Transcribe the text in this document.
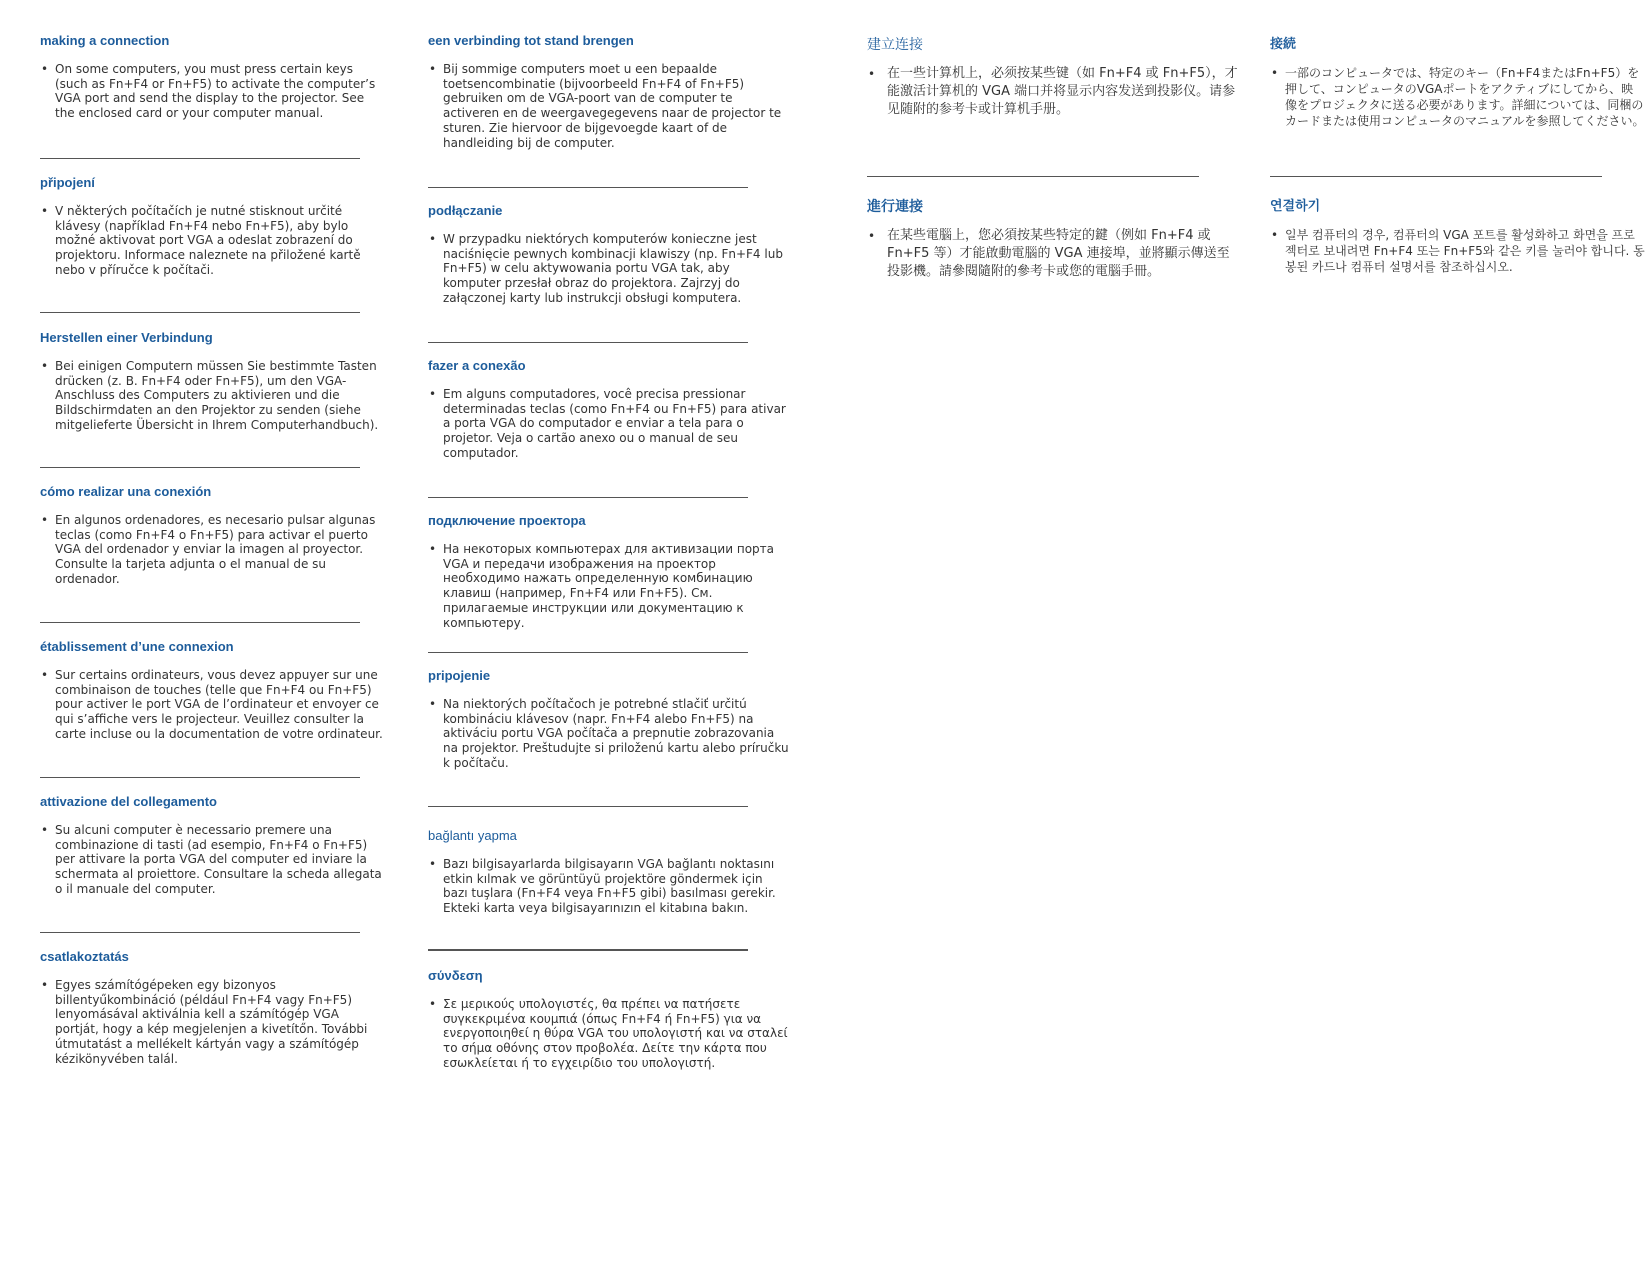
making a connection
• On some computers, you must press certain keys (such as Fn+F4 or Fn+F5) to activate the computer’s VGA port and send the display to the projector. See the enclosed card or your computer manual.
připojení
• V některých počítačích je nutné stisknout určité klávesy (například Fn+F4 nebo Fn+F5), aby bylo možné aktivovat port VGA a odeslat zobrazení do projektoru. Informace naleznete na přiložené kartě nebo v příručce k počítači.
Herstellen einer Verbindung
• Bei einigen Computern müssen Sie bestimmte Tasten drücken (z. B. Fn+F4 oder Fn+F5), um den VGA-Anschluss des Computers zu aktivieren und die Bildschirmdaten an den Projektor zu senden (siehe mitgelieferte Übersicht in Ihrem Computerhandbuch).
cómo realizar una conexión
• En algunos ordenadores, es necesario pulsar algunas teclas (como Fn+F4 o Fn+F5) para activar el puerto VGA del ordenador y enviar la imagen al proyector. Consulte la tarjeta adjunta o el manual de su ordenador.
établissement d’une connexion
• Sur certains ordinateurs, vous devez appuyer sur une combinaison de touches (telle que Fn+F4 ou Fn+F5) pour activer le port VGA de l’ordinateur et envoyer ce qui s’affiche vers le projecteur. Veuillez consulter la carte incluse ou la documentation de votre ordinateur.
attivazione del collegamento
• Su alcuni computer è necessario premere una combinazione di tasti (ad esempio, Fn+F4 o Fn+F5) per attivare la porta VGA del computer ed inviare la schermata al proiettore. Consultare la scheda allegata o il manuale del computer.
csatlakoztatás
• Egyes számítógépeken egy bizonyos billentyűkombináció (például Fn+F4 vagy Fn+F5) lenyomásával aktiválnia kell a számítógép VGA portját, hogy a kép megjelenjen a kivetítőn. További útmutatást a mellékelt kártyán vagy a számítógép kézikönyvében talál.
een verbinding tot stand brengen
• Bij sommige computers moet u een bepaalde toetsencombinatie (bijvoorbeeld Fn+F4 of Fn+F5) gebruiken om de VGA-poort van de computer te activeren en de weergavegegevens naar de projector te sturen. Zie hiervoor de bijgevoegde kaart of de handleiding bij de computer.
podłączanie
• W przypadku niektórych komputerów konieczne jest naciśnięcie pewnych kombinacji klawiszy (np. Fn+F4 lub Fn+F5) w celu aktywowania portu VGA tak, aby komputer przesłał obraz do projektora. Zajrzyj do załączonej karty lub instrukcji obsługi komputera.
fazer a conexão
• Em alguns computadores, você precisa pressionar determinadas teclas (como Fn+F4 ou Fn+F5) para ativar a porta VGA do computador e enviar a tela para o projetor. Veja o cartão anexo ou o manual de seu computador.
подключение проектора
• На некоторых компьютерах для активизации порта VGA и передачи изображения на проектор необходимо нажать определенную комбинацию клавиш (например, Fn+F4 или Fn+F5). См. прилагаемые инструкции или документацию к компьютеру.
pripojenie
• Na niektorých počítačoch je potrebné stlačiť určitú kombináciu klávesov (napr. Fn+F4 alebo Fn+F5) na aktiváciu portu VGA počítača a prepnutie zobrazovania na projektor. Preštudujte si priloženú kartu alebo príručku k počítaču.
bağlantı yapma
• Bazı bilgisayarlarda bilgisayarın VGA bağlantı noktasını etkin kılmak ve görüntüyü projektöre göndermek için bazı tuşlara (Fn+F4 veya Fn+F5 gibi) basılması gerekir. Ekteki karta veya bilgisayarınızın el kitabına bakın.
σύνδεση
• Σε μερικούς υπολογιστές, θα πρέπει να πατήσετε συγκεκριμένα κουμπιά (όπως Fn+F4 ή Fn+F5) για να ενεργοποιηθεί η θύρα VGA του υπολογιστή και να σταλεί το σήμα οθόνης στον προβολέα. Δείτε την κάρτα που εσωκλείεται ή το εγχειρίδιο του υπολογιστή.
建立连接
• 在一些计算机上，必须按某些键（如 Fn+F4 或 Fn+F5），才能激活计算机的 VGA 端口并将显示内容发送到投影仪。请参见随附的参考卡或计算机手册。
進行連接
• 在某些電腦上，您必須按某些特定的鍵（例如 Fn+F4 或 Fn+F5 等）才能啟動電腦的 VGA 連接埠，並將顯示傳送至投影機。請參閱隨附的參考卡或您的電腦手冊。
接続
• 一部のコンピュータでは、特定のキー（Fn+F4またはFn+F5）を押して、コンピュータのVGAポートをアクティブにしてから、映像をプロジェクタに送る必要があります。詳細については、同梱のカードまたは使用コンピュータのマニュアルを参照してください。
연결하기
• 일부 컴퓨터의 경우, 컴퓨터의 VGA 포트를 활성화하고 화면을 프로젝터로 보내려면 Fn+F4 또는 Fn+F5와 같은 키를 눌러야 합니다. 동봉된 카드나 컴퓨터 설명서를 참조하십시오.
